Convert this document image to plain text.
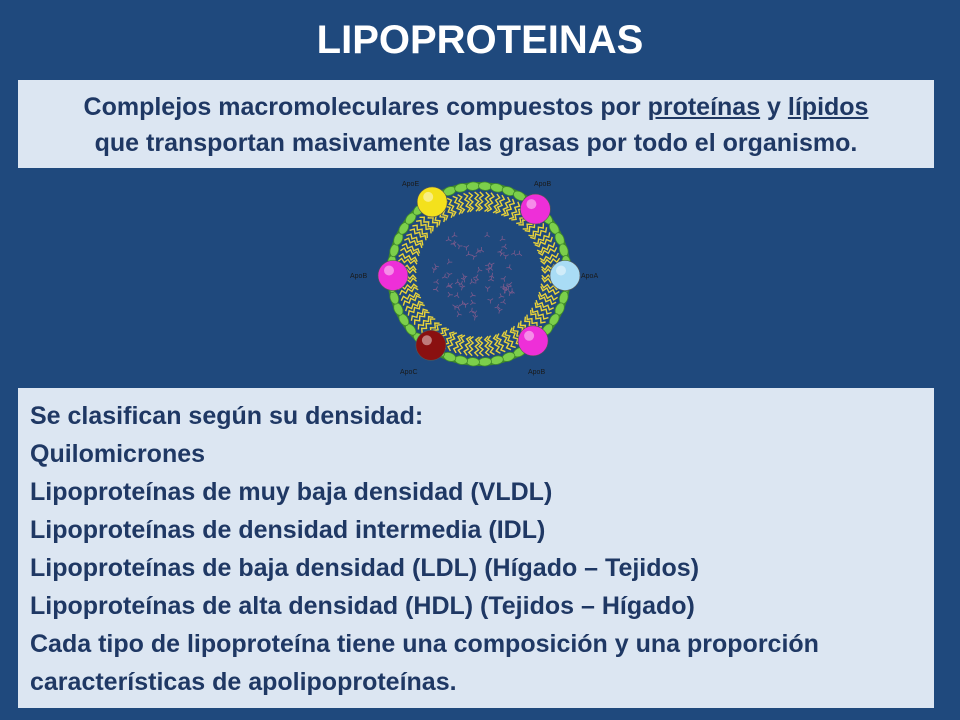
LIPOPROTEINAS
Complejos macromoleculares compuestos por proteínas y lípidos
que transportan masivamente las grasas por todo el organismo.
ApoE	ApoB
ApoB	ApoA
ApoC	ApoB
Se clasifican según su densidad:
Quilomicrones
Lipoproteínas de muy baja densidad (VLDL)
Lipoproteínas de densidad intermedia (IDL)
Lipoproteínas de baja densidad (LDL) (Hígado – Tejidos)
Lipoproteínas de alta densidad (HDL) (Tejidos – Hígado)
Cada tipo de lipoproteína tiene una composición y una proporción
características de apolipoproteínas.
